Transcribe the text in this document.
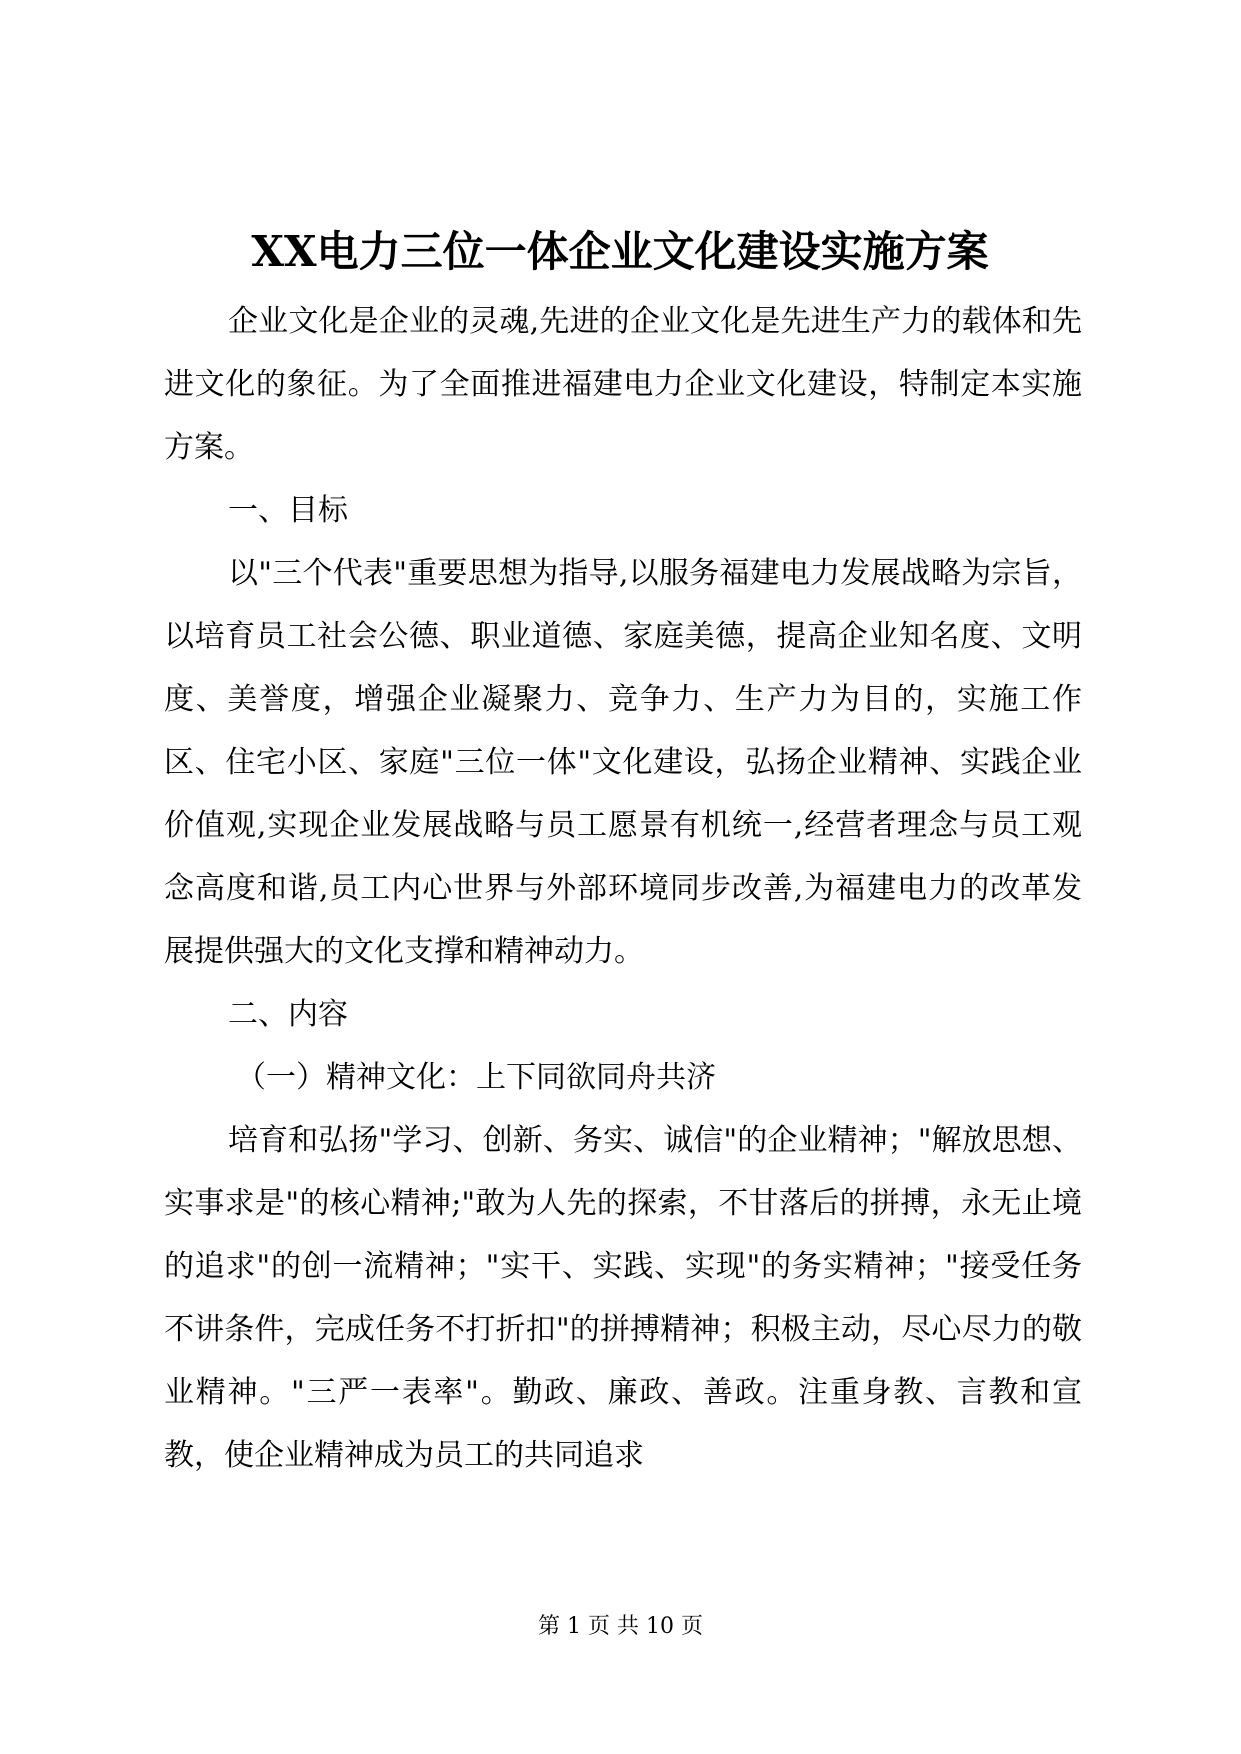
XX电力三位一体企业文化建设实施方案

企业文化是企业的灵魂,先进的企业文化是先进生产力的载体和先进文化的象征。为了全面推进福建电力企业文化建设，特制定本实施方案。

一、目标

以"三个代表"重要思想为指导,以服务福建电力发展战略为宗旨，以培育员工社会公德、职业道德、家庭美德，提高企业知名度、文明度、美誉度，增强企业凝聚力、竞争力、生产力为目的，实施工作区、住宅小区、家庭"三位一体"文化建设，弘扬企业精神、实践企业价值观,实现企业发展战略与员工愿景有机统一,经营者理念与员工观念高度和谐,员工内心世界与外部环境同步改善,为福建电力的改革发展提供强大的文化支撑和精神动力。

二、内容

（一）精神文化：上下同欲同舟共济

培育和弘扬"学习、创新、务实、诚信"的企业精神；"解放思想、实事求是"的核心精神;"敢为人先的探索，不甘落后的拼搏，永无止境的追求"的创一流精神；"实干、实践、实现"的务实精神；"接受任务不讲条件，完成任务不打折扣"的拼搏精神；积极主动，尽心尽力的敬业精神。"三严一表率"。勤政、廉政、善政。注重身教、言教和宣教，使企业精神成为员工的共同追求

第 1 页 共 10 页
